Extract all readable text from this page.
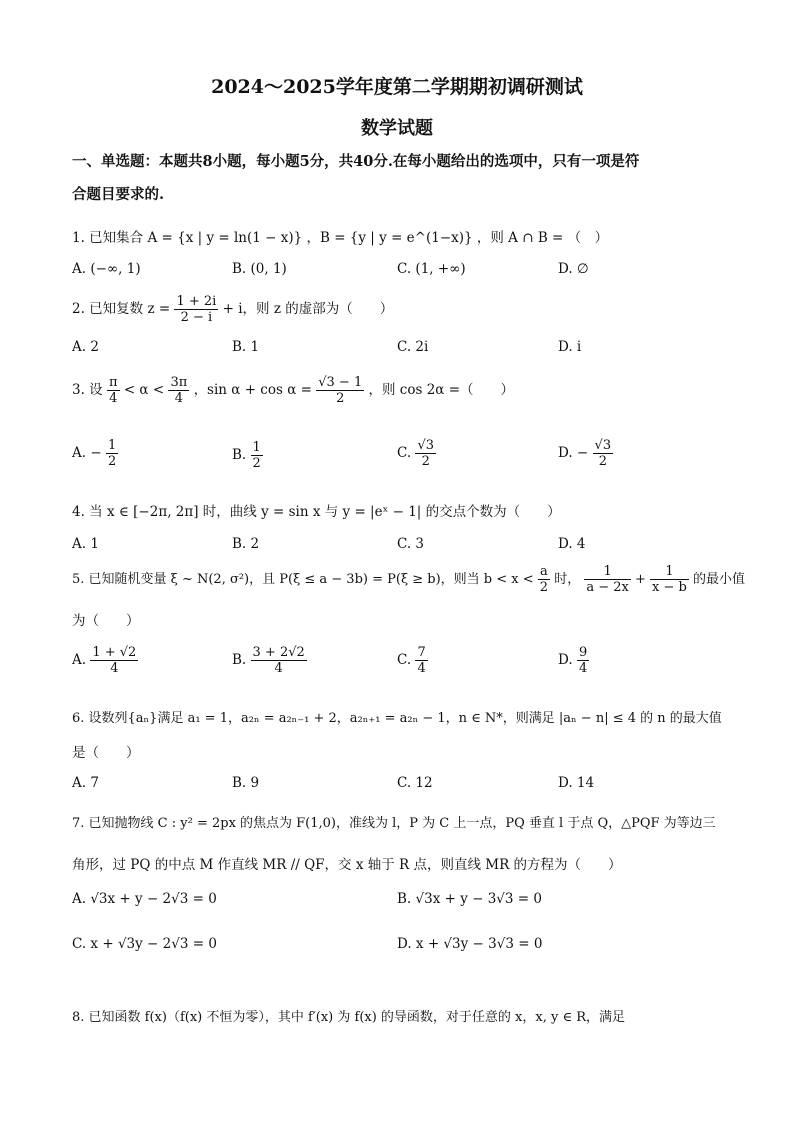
2024～2025学年度第二学期期初调研测试
数学试题
一、单选题：本题共8小题，每小题5分，共40分.在每小题给出的选项中，只有一项是符
合题目要求的.
1. 已知集合 A = {x | y = ln(1 − x)} ，B = {y | y = e^(1−x)} ，则 A ∩ B = （　）
A. (−∞, 1)	B. (0, 1)	C. (1, +∞)	D. ∅
2. 已知复数 $z = \frac{1 + 2i}{2 - i} + i$，则 z 的虚部为（　　）
A. 2	B. 1	C. 2i	D. i
3. 设 $\frac{\pi}{4} < \alpha < \frac{3\pi}{4}$ ，$\sin \alpha + \cos \alpha = \frac{√3 - 1}{2}$ ，则 cos 2α =（　　）
A. − $\frac{1}{2}$	B. $\frac{1}{2}$	C. $\frac{√3}{2}$	D. − $\frac{√3}{2}$
4. 当 x ∈ [−2π, 2π] 时，曲线 y = sin x 与 y = |eˣ − 1| 的交点个数为（　　）
A. 1	B. 2	C. 3	D. 4
5. 已知随机变量 ξ ~ N(2, σ²)，且 P(ξ ≤ a − 3b) = P(ξ ≥ b)，则当 $b < x < \frac{a}{2}$ 时， $\frac{1}{a - 2x} + \frac{1}{x - b}$ 的最小值
为（　　）
A. $\frac{1 + √2}{4}$	B. $\frac{3 + 2√2}{4}$	C. $\frac{7}{4}$	D. $\frac{9}{4}$
6. 设数列{aₙ}满足 a₁ = 1，a₂ₙ = a₂ₙ₋₁ + 2，a₂ₙ₊₁ = a₂ₙ − 1，n ∈ N*，则满足 |aₙ − n| ≤ 4 的 n 的最大值
是（　　）
A. 7	B. 9	C. 12	D. 14
7. 已知抛物线 C : y² = 2px 的焦点为 F(1,0)，准线为 l，P 为 C 上一点，PQ 垂直 l 于点 Q，△PQF 为等边三
角形，过 PQ 的中点 M 作直线 MR // QF，交 x 轴于 R 点，则直线 MR 的方程为（　　）
A. √3x + y − 2√3 = 0	B. √3x + y − 3√3 = 0
C. x + √3y − 2√3 = 0	D. x + √3y − 3√3 = 0
8. 已知函数 f(x)（f(x) 不恒为零），其中 f′(x) 为 f(x) 的导函数，对于任意的 x，x, y ∈ R，满足
